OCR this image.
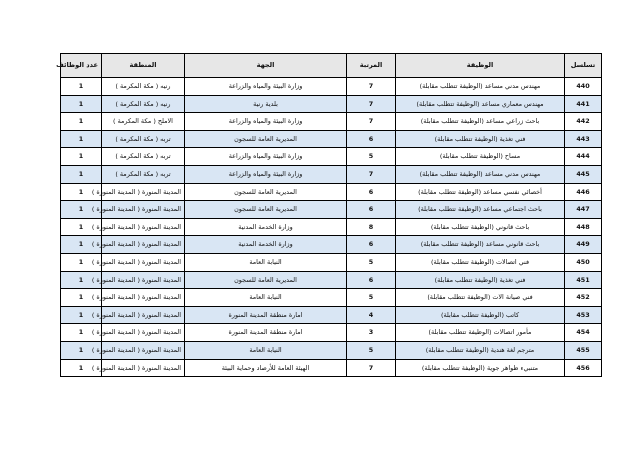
تسلسل	الوظيفة	المرتبة	الجهة	المنطقة	عدد الوظائف
440	مهندس مدني مساعد (الوظيفة تتطلب مقابلة)	7	وزارة البيئة والمياه والزراعة	رنيه ( مكة المكرمة )	1
441	مهندس معماري مساعد (الوظيفة تتطلب مقابلة)	7	بلدية رنية	رنيه ( مكة المكرمة )	1
442	باحث زراعي مساعد (الوظيفة تتطلب مقابلة)	7	وزارة البيئة والمياه والزراعة	الاملح ( مكة المكرمة )	1
443	فني تغذية (الوظيفة تتطلب مقابلة)	6	المديرية العامة للسجون	تربه ( مكة المكرمة )	1
444	مساح (الوظيفة تتطلب مقابلة)	5	وزارة البيئة والمياه والزراعة	تربه ( مكة المكرمة )	1
445	مهندس مدني مساعد (الوظيفة تتطلب مقابلة)	7	وزارة البيئة والمياه والزراعة	تربه ( مكة المكرمة )	1
446	أخصائي نفسي مساعد (الوظيفة تتطلب مقابلة)	6	المديرية العامة للسجون	المدينة المنورة ( المدينة المنورة )	1
447	باحث اجتماعي مساعد (الوظيفة تتطلب مقابلة)	6	المديرية العامة للسجون	المدينة المنورة ( المدينة المنورة )	1
448	باحث قانوني (الوظيفة تتطلب مقابلة)	8	وزارة الخدمة المدنية	المدينة المنورة ( المدينة المنورة )	1
449	باحث قانوني مساعد (الوظيفة تتطلب مقابلة)	6	وزارة الخدمة المدنية	المدينة المنورة ( المدينة المنورة )	1
450	فني اتصالات (الوظيفة تتطلب مقابلة)	5	النيابة العامة	المدينة المنورة ( المدينة المنورة )	1
451	فني تغذية (الوظيفة تتطلب مقابلة)	6	المديرية العامة للسجون	المدينة المنورة ( المدينة المنورة )	1
452	فني صيانة الات (الوظيفة تتطلب مقابلة)	5	النيابة العامة	المدينة المنورة ( المدينة المنورة )	1
453	كاتب (الوظيفة تتطلب مقابلة)	4	امارة منطقة المدينة المنورة	المدينة المنورة ( المدينة المنورة )	1
454	مأمور اتصالات (الوظيفة تتطلب مقابلة)	3	امارة منطقة المدينة المنورة	المدينة المنورة ( المدينة المنورة )	1
455	مترجم لغة هندية (الوظيفة تتطلب مقابلة)	5	النيابة العامة	المدينة المنورة ( المدينة المنورة )	1
456	متنبيء ظواهر جوية (الوظيفة تتطلب مقابلة)	7	الهيئة العامة للأرصاد وحماية البيئة	المدينة المنورة ( المدينة المنورة )	1
